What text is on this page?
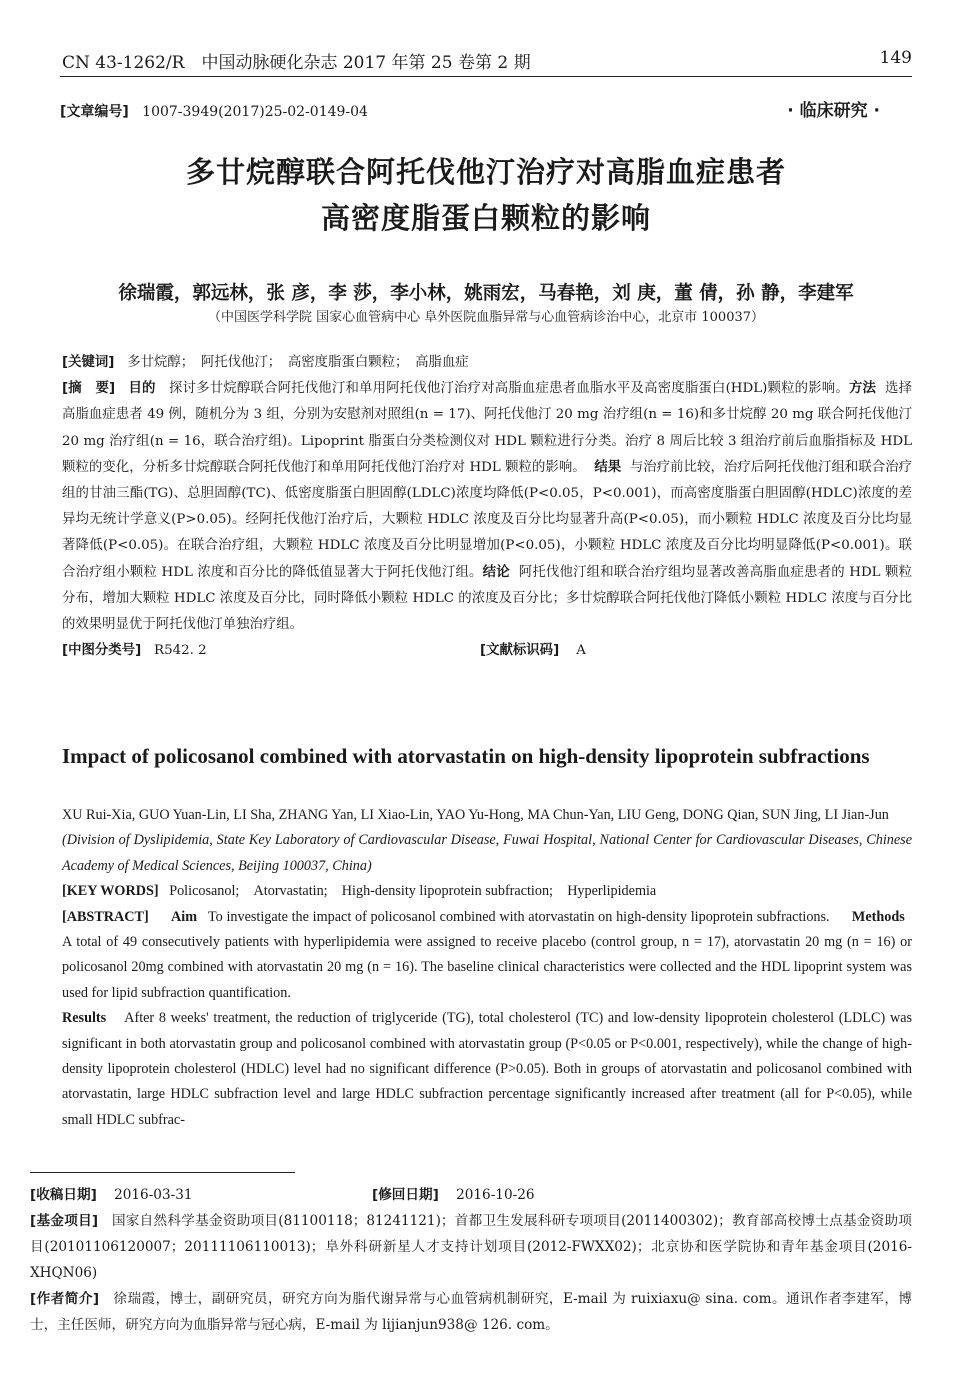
CN 43-1262/R　中国动脉硬化杂志 2017 年第 25 卷第 2 期	149
[文章编号] 1007-3949(2017)25-02-0149-04	· 临床研究 ·
多廿烷醇联合阿托伐他汀治疗对高脂血症患者
高密度脂蛋白颗粒的影响
徐瑞霞，郭远林，张 彦，李 莎，李小林，姚雨宏，马春艳，刘 庚，董 倩，孙 静，李建军
（中国医学科学院 国家心血管病中心 阜外医院血脂异常与心血管病诊治中心，北京市 100037）

[关键词] 多廿烷醇；　阿托伐他汀；　高密度脂蛋白颗粒；　高脂血症

[摘　要] 目的 探讨多廿烷醇联合阿托伐他汀和单用阿托伐他汀治疗对高脂血症患者血脂水平及高密度脂蛋白(HDL)颗粒的影响。方法 选择高脂血症患者 49 例，随机分为 3 组，分别为安慰剂对照组(n = 17)、阿托伐他汀 20 mg 治疗组(n = 16)和多廿烷醇 20 mg 联合阿托伐他汀 20 mg 治疗组(n = 16，联合治疗组)。Lipoprint 脂蛋白分类检测仪对 HDL 颗粒进行分类。治疗 8 周后比较 3 组治疗前后血脂指标及 HDL 颗粒的变化，分析多廿烷醇联合阿托伐他汀和单用阿托伐他汀治疗对 HDL 颗粒的影响。 结果 与治疗前比较，治疗后阿托伐他汀组和联合治疗组的甘油三酯(TG)、总胆固醇(TC)、低密度脂蛋白胆固醇(LDLC)浓度均降低(P<0.05，P<0.001)，而高密度脂蛋白胆固醇(HDLC)浓度的差异均无统计学意义(P>0.05)。经阿托伐他汀治疗后，大颗粒 HDLC 浓度及百分比均显著升高(P<0.05)，而小颗粒 HDLC 浓度及百分比均显著降低(P<0.05)。在联合治疗组，大颗粒 HDLC 浓度及百分比明显增加(P<0.05)，小颗粒 HDLC 浓度及百分比均明显降低(P<0.001)。联合治疗组小颗粒 HDL 浓度和百分比的降低值显著大于阿托伐他汀组。结论 阿托伐他汀组和联合治疗组均显著改善高脂血症患者的 HDL 颗粒分布，增加大颗粒 HDLC 浓度及百分比，同时降低小颗粒 HDLC 的浓度及百分比；多廿烷醇联合阿托伐他汀降低小颗粒 HDLC 浓度与百分比的效果明显优于阿托伐他汀单独治疗组。

[中图分类号] R542. 2	[文献标识码] A
Impact of policosanol combined with atorvastatin on high-density lipoprotein subfractions

XU Rui-Xia, GUO Yuan-Lin, LI Sha, ZHANG Yan, LI Xiao-Lin, YAO Yu-Hong, MA Chun-Yan, LIU Geng, DONG Qian, SUN Jing, LI Jian-Jun

(Division of Dyslipidemia, State Key Laboratory of Cardiovascular Disease, Fuwai Hospital, National Center for Cardiovascular Diseases, Chinese Academy of Medical Sciences, Beijing 100037, China)

[KEY WORDS] Policosanol;　Atorvastatin;　High-density lipoprotein subfraction;　Hyperlipidemia

[ABSTRACT] Aim To investigate the impact of policosanol combined with atorvastatin on high-density lipoprotein subfractions. Methods   A total of 49 consecutively patients with hyperlipidemia were assigned to receive placebo (control group, n = 17), atorvastatin 20 mg (n = 16) or policosanol 20mg combined with atorvastatin 20 mg (n = 16). The baseline clinical characteristics were collected and the HDL lipoprint system was used for lipid subfraction quantification.

Results After 8 weeks' treatment, the reduction of triglyceride (TG), total cholesterol (TC) and low-density lipoprotein cholesterol (LDLC) was significant in both atorvastatin group and policosanol combined with atorvastatin group (P<0.05 or P<0.001, respectively), while the change of high-density lipoprotein cholesterol (HDLC) level had no significant difference (P>0.05). Both in groups of atorvastatin and policosanol combined with atorvastatin, large HDLC subfraction level and large HDLC subfraction percentage significantly increased after treatment (all for P<0.05), while small HDLC subfrac-

[收稿日期] 2016-03-31	[修回日期] 2016-10-26

[基金项目] 国家自然科学基金资助项目(81100118；81241121)；首都卫生发展科研专项项目(2011400302)；教育部高校博士点基金资助项目(20101106120007；20111106110013)；阜外科研新星人才支持计划项目(2012-FWXX02)；北京协和医学院协和青年基金项目(2016-XHQN06)

[作者简介] 徐瑞霞，博士，副研究员，研究方向为脂代谢异常与心血管病机制研究，E-mail 为 ruixiaxu@ sina. com。通讯作者李建军，博士，主任医师，研究方向为血脂异常与冠心病，E-mail 为 lijianjun938@ 126. com。
